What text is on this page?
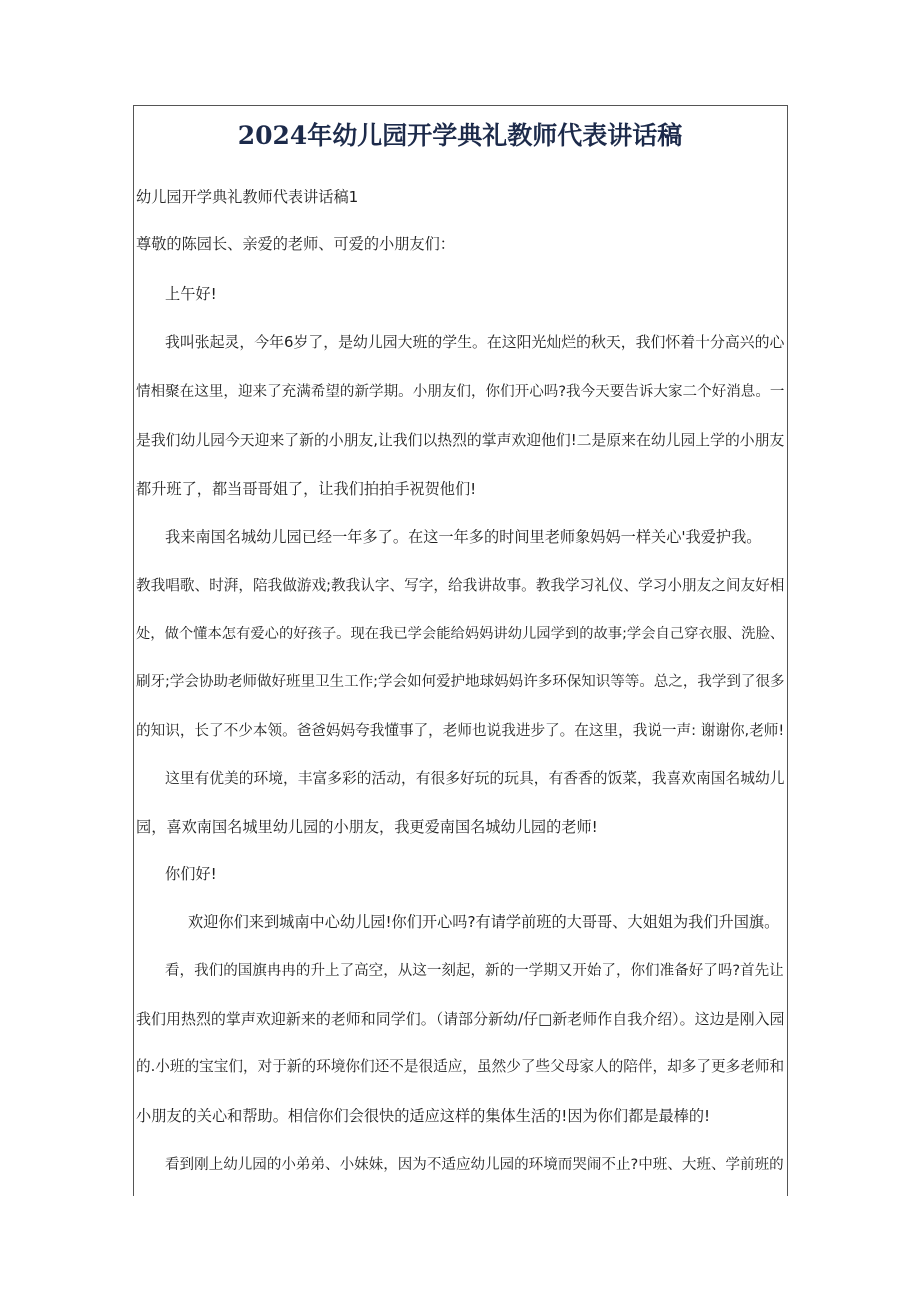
2024年幼儿园开学典礼教师代表讲话稿
幼儿园开学典礼教师代表讲话稿1
尊敬的陈园长、亲爱的老师、可爱的小朋友们：
上午好!
我叫张起灵，今年6岁了，是幼儿园大班的学生。在这阳光灿烂的秋天，我们怀着十分高兴的心
情相聚在这里，迎来了充满希望的新学期。小朋友们，你们开心吗?我今天要告诉大家二个好消息。一
是我们幼儿园今天迎来了新的小朋友,让我们以热烈的掌声欢迎他们!二是原来在幼儿园上学的小朋友
都升班了，都当哥哥姐了，让我们拍拍手祝贺他们!
我来南国名城幼儿园已经一年多了。在这一年多的时间里老师象妈妈一样关心'我爱护我。
教我唱歌、时湃，陪我做游戏;教我认字、写字，给我讲故事。教我学习礼仪、学习小朋友之间友好相
处，做个懂本怎有爱心的好孩子。现在我已学会能给妈妈讲幼儿园学到的故事;学会自己穿衣服、洗脸、
刷牙;学会协助老师做好班里卫生工作;学会如何爱护地球妈妈许多环保知识等等。总之，我学到了很多
的知识，长了不少本领。爸爸妈妈夸我懂事了，老师也说我进步了。在这里，我说一声: 谢谢你,老师!
这里有优美的环境，丰富多彩的活动，有很多好玩的玩具，有香香的饭菜，我喜欢南国名城幼儿
园，喜欢南国名城里幼儿园的小朋友，我更爱南国名城幼儿园的老师!
你们好!
欢迎你们来到城南中心幼儿园!你们开心吗?有请学前班的大哥哥、大姐姐为我们升国旗。
看，我们的国旗冉冉的升上了高空，从这一刻起，新的一学期又开始了，你们准备好了吗?首先让
我们用热烈的掌声欢迎新来的老师和同学们。（请部分新幼/仔□新老师作自我介绍）。这边是刚入园
的.小班的宝宝们，对于新的环境你们还不是很适应，虽然少了些父母家人的陪伴，却多了更多老师和
小朋友的关心和帮助。相信你们会很快的适应这样的集体生活的!因为你们都是最棒的!
看到刚上幼儿园的小弟弟、小妹妹，因为不适应幼儿园的环境而哭闹不止?中班、大班、学前班的
